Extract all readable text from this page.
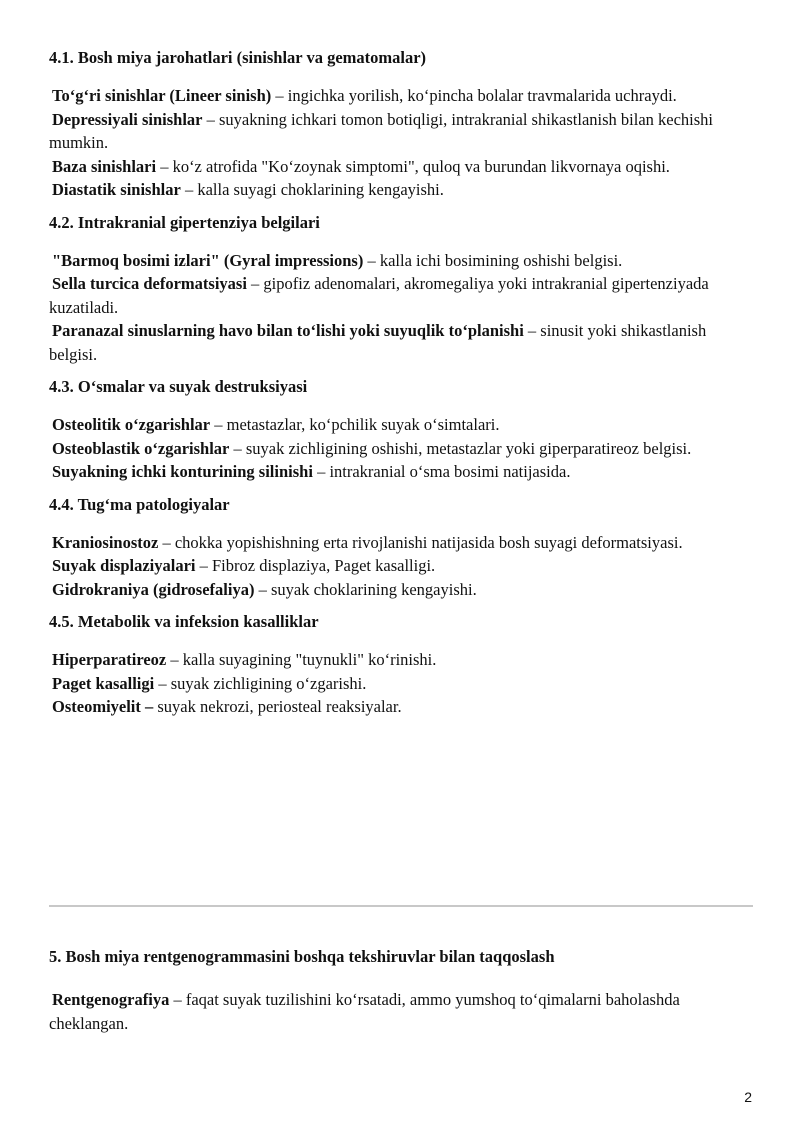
4.1. Bosh miya jarohatlari (sinishlar va gematomalar)

To‘g‘ri sinishlar (Lineer sinish) – ingichka yorilish, ko‘pincha bolalar travmalarida uchraydi.

Depressiyali sinishlar – suyakning ichkari tomon botiqligi, intrakranial shikastlanish bilan kechishi mumkin.

Baza sinishlari – ko‘z atrofida "Ko‘zoynak simptomi", quloq va burundan likvornaya oqishi.

Diastatik sinishlar – kalla suyagi choklarining kengayishi.

4.2. Intrakranial gipertenziya belgilari

"Barmoq bosimi izlari" (Gyral impressions) – kalla ichi bosimining oshishi belgisi.

Sella turcica deformatsiyasi – gipofiz adenomalari, akromegaliya yoki intrakranial gipertenziyada kuzatiladi.

Paranazal sinuslarning havo bilan to‘lishi yoki suyuqlik to‘planishi – sinusit yoki shikastlanish belgisi.

4.3. O‘smalar va suyak destruksiyasi

Osteolitik o‘zgarishlar – metastazlar, ko‘pchilik suyak o‘simtalari.

Osteoblastik o‘zgarishlar – suyak zichligining oshishi, metastazlar yoki giperparatireoz belgisi.

Suyakning ichki konturining silinishi – intrakranial o‘sma bosimi natijasida.

4.4. Tug‘ma patologiyalar

Kraniosinostoz – chokka yopishishning erta rivojlanishi natijasida bosh suyagi deformatsiyasi.

Suyak displaziyalari – Fibroz displaziya, Paget kasalligi.

Gidrokraniya (gidrosefaliya) – suyak choklarining kengayishi.

4.5. Metabolik va infeksion kasalliklar

Hiperparatireoz – kalla suyagining "tuynukli" ko‘rinishi.

Paget kasalligi – suyak zichligining o‘zgarishi.

Osteomiyelit – suyak nekrozi, periosteal reaksiyalar.

5. Bosh miya rentgenogrammasini boshqa tekshiruvlar bilan taqqoslash

Rentgenografiya – faqat suyak tuzilishini ko‘rsatadi, ammo yumshoq to‘qimalarni baholashda cheklangan.

2
